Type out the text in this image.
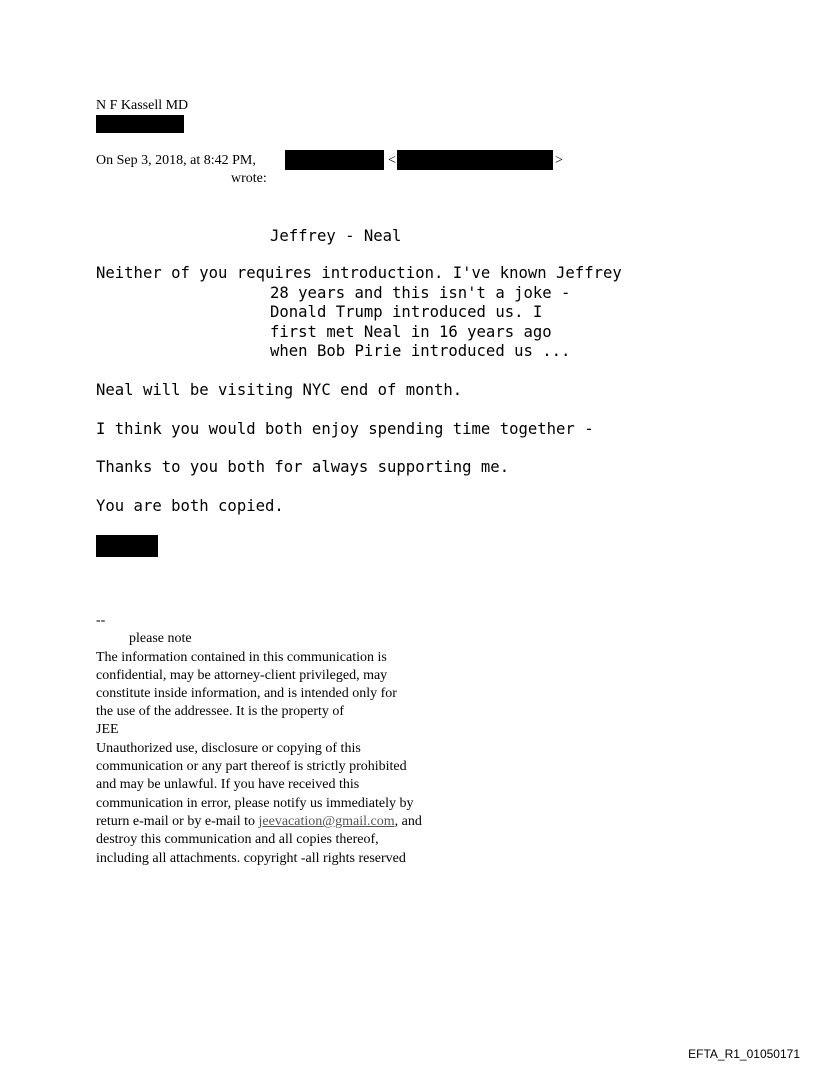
N F Kassell MD
On Sep 3, 2018, at 8:42 PM,	<	>
wrote:
Jeffrey - Neal
Neither of you requires introduction. I've known Jeffrey
28 years and this isn't a joke -
Donald Trump introduced us. I
first met Neal in 16 years ago
when Bob Pirie introduced us ...
Neal will be visiting NYC end of month.
I think you would both enjoy spending time together -
Thanks to you both for always supporting me.
You are both copied.
--
please note
The information contained in this communication is
confidential, may be attorney-client privileged, may
constitute inside information, and is intended only for
the use of the addressee. It is the property of
JEE
Unauthorized use, disclosure or copying of this
communication or any part thereof is strictly prohibited
and may be unlawful. If you have received this
communication in error, please notify us immediately by
return e-mail or by e-mail to jeevacation@gmail.com, and
destroy this communication and all copies thereof,
including all attachments. copyright -all rights reserved
EFTA_R1_01050171
